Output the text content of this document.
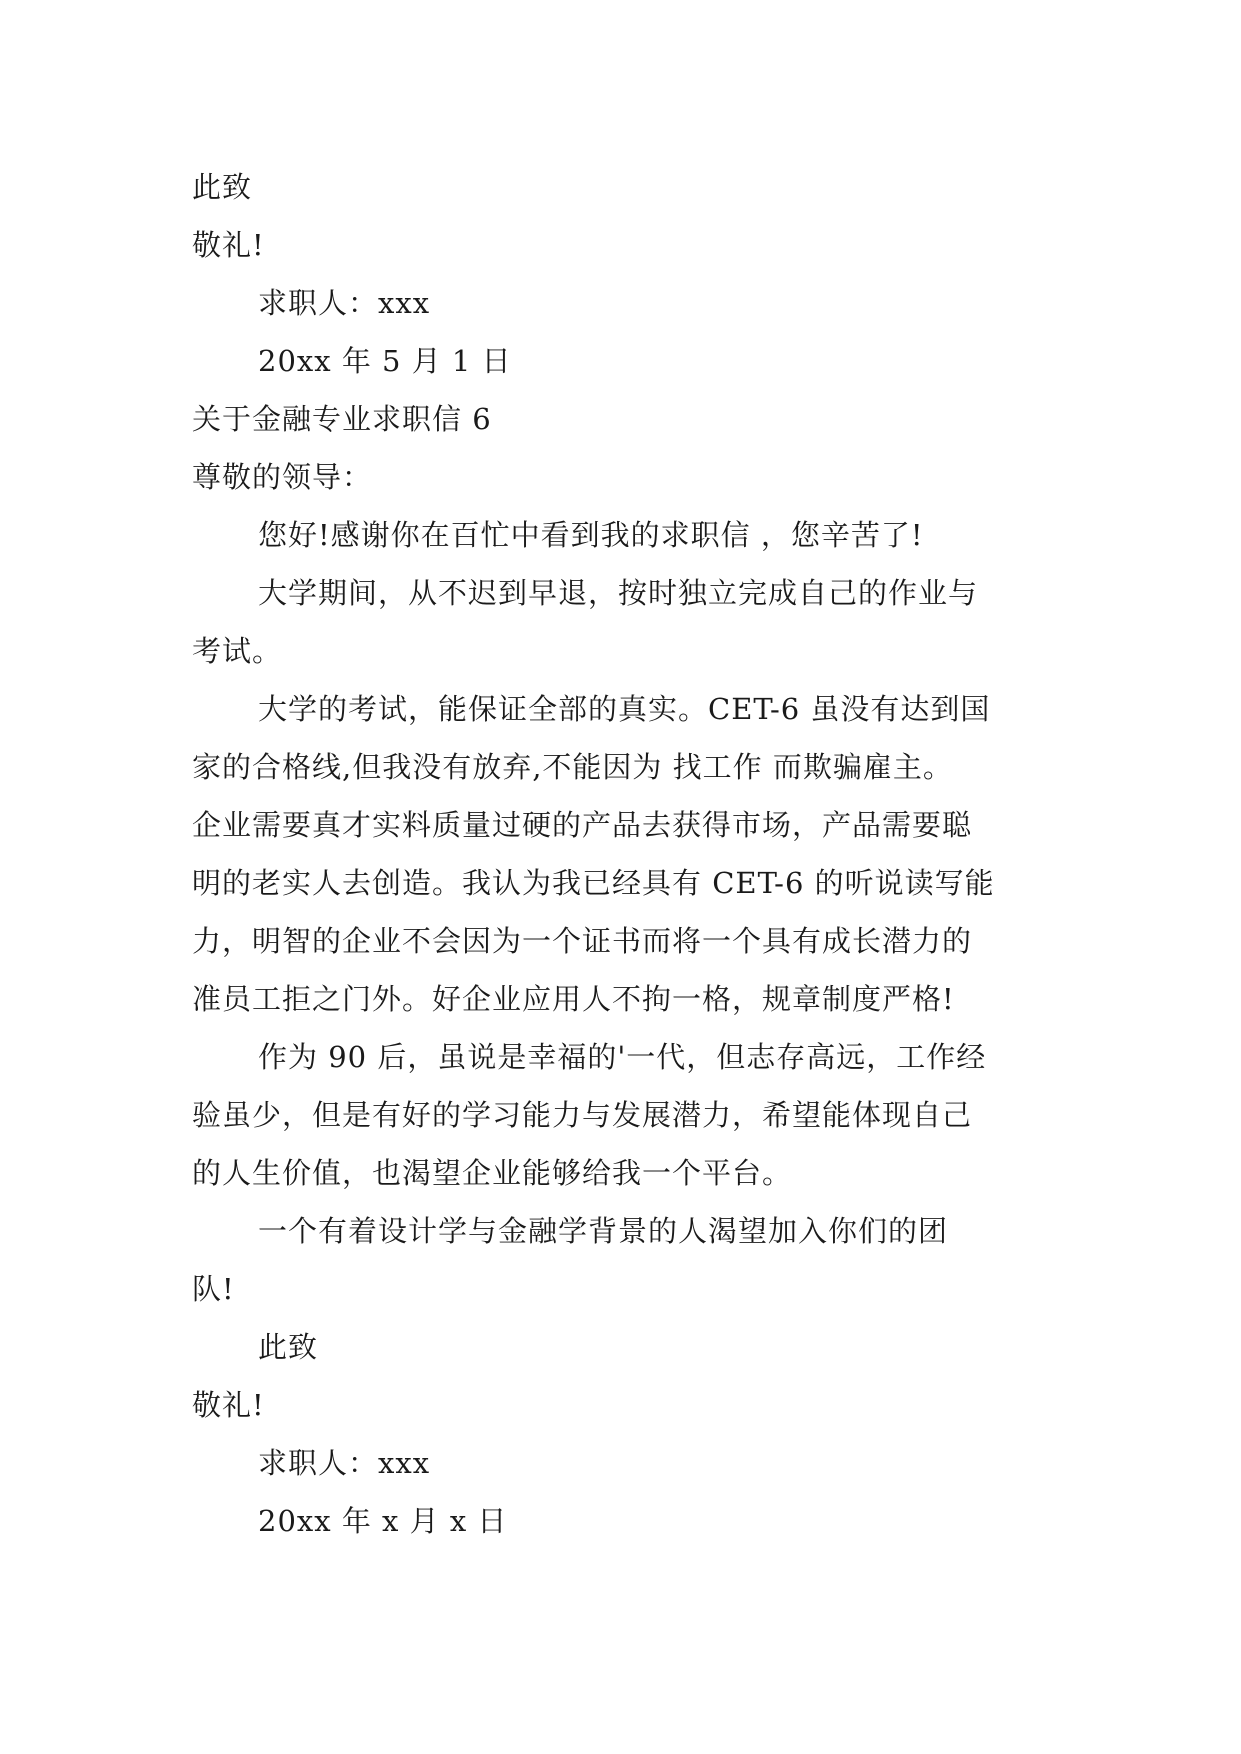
此致
敬礼!
求职人：xxx
20xx 年 5 月 1 日
关于金融专业求职信 6
尊敬的领导：
您好!感谢你在百忙中看到我的求职信 ，您辛苦了!
大学期间，从不迟到早退，按时独立完成自己的作业与
考试。
大学的考试，能保证全部的真实。CET-6 虽没有达到国
家的合格线,但我没有放弃,不能因为 找工作 而欺骗雇主。
企业需要真才实料质量过硬的产品去获得市场，产品需要聪
明的老实人去创造。我认为我已经具有 CET-6 的听说读写能
力，明智的企业不会因为一个证书而将一个具有成长潜力的
准员工拒之门外。好企业应用人不拘一格，规章制度严格!
作为 90 后，虽说是幸福的'一代，但志存高远，工作经
验虽少，但是有好的学习能力与发展潜力，希望能体现自己
的人生价值，也渴望企业能够给我一个平台。
一个有着设计学与金融学背景的人渴望加入你们的团
队!
此致
敬礼!
求职人：xxx
20xx 年 x 月 x 日
